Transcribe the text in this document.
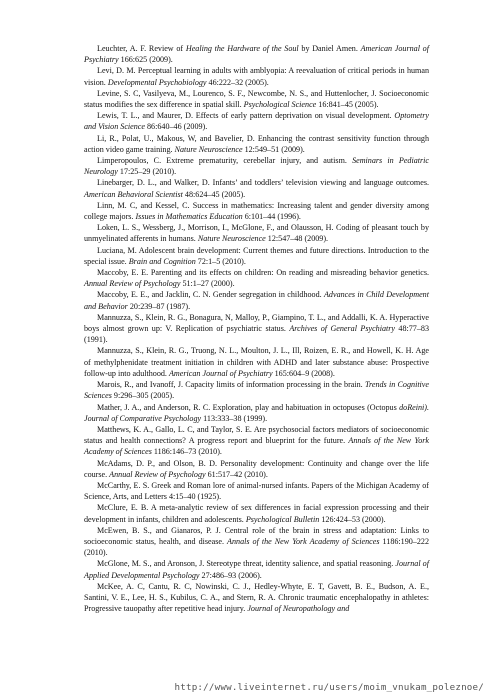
Leuchter, A. F. Review of Healing the Hardware of the Soul by Daniel Amen. American Journal of Psychiatry 166:625 (2009).

Levi, D. M. Perceptual learning in adults with amblyopia: A reevaluation of critical periods in human vision. Developmental Psychobiology 46:222–32 (2005).

Levine, S. C, Vasilyeva, M., Lourenco, S. F., Newcombe, N. S., and Huttenlocher, J. Socioeconomic status modifies the sex difference in spatial skill. Psychological Science 16:841–45 (2005).

Lewis, T. L., and Maurer, D. Effects of early pattern deprivation on visual development. Optometry and Vision Science 86:640–46 (2009).

Li, R., Polat, U., Makous, W, and Bavelier, D. Enhancing the contrast sensitivity function through action video game training. Nature Neuroscience 12:549–51 (2009).

Limperopoulos, C. Extreme prematurity, cerebellar injury, and autism. Seminars in Pediatric Neurology 17:25–29 (2010).

Linebarger, D. L., and Walker, D. Infants’ and toddlers’ television viewing and language outcomes. American Behavioral Scientist 48:624–45 (2005).

Linn, M. C, and Kessel, C. Success in mathematics: Increasing talent and gender diversity among college majors. Issues in Mathematics Education 6:101–44 (1996).

Loken, L. S., Wessberg, J., Morrison, I., McGlone, F., and Olausson, H. Coding of pleasant touch by unmyelinated afferents in humans. Nature Neuroscience 12:547–48 (2009).

Luciana, M. Adolescent brain development: Current themes and future directions. Introduction to the special issue. Brain and Cognition 72:1–5 (2010).

Maccoby, E. E. Parenting and its effects on children: On reading and misreading behavior genetics. Annual Review of Psychology 51:1–27 (2000).

Maccoby, E. E., and Jacklin, C. N. Gender segregation in childhood. Advances in Child Development and Behavior 20:239–87 (1987).

Mannuzza, S., Klein, R. G., Bonagura, N, Malloy, P., Giampino, T. L., and Addalli, K. A. Hyperactive boys almost grown up: V. Replication of psychiatric status. Archives of General Psychiatry 48:77–83 (1991).

Mannuzza, S., Klein, R. G., Truong, N. L., Moulton, J. L., Ill, Roizen, E. R., and Howell, K. H. Age of methylphenidate treatment initiation in children with ADHD and later substance abuse: Prospective follow-up into adulthood. American Journal of Psychiatry 165:604–9 (2008).

Marois, R., and Ivanoff, J. Capacity limits of information processing in the brain. Trends in Cognitive Sciences 9:296–305 (2005).

Mather, J. A., and Anderson, R. C. Exploration, play and habituation in octopuses (Octopus doReini). Journal of Comparative Psychology 113:333–38 (1999).

Matthews, K. A., Gallo, L. C, and Taylor, S. E. Are psychosocial factors mediators of socioeconomic status and health connections? A progress report and blueprint for the future. Annals of the New York Academy of Sciences 1186:146–73 (2010).

McAdams, D. P., and Olson, B. D. Personality development: Continuity and change over the life course. Annual Review of Psychology 61:517–42 (2010).

McCarthy, E. S. Greek and Roman lore of animal-nursed infants. Papers of the Michigan Academy of Science, Arts, and Letters 4:15–40 (1925).

McClure, E. B. A meta-analytic review of sex differences in facial expression processing and their development in infants, children and adolescents. Psychological Bulletin 126:424–53 (2000).

McEwen, B. S., and Gianaros, P. J. Central role of the brain in stress and adaptation: Links to socioeconomic status, health, and disease. Annals of the New York Academy of Sciences 1186:190–222 (2010).

McGlone, M. S., and Aronson, J. Stereotype threat, identity salience, and spatial reasoning. Journal of Applied Developmental Psychology 27:486–93 (2006).

McKee, A. C, Cantu, R. C, Nowinski, C. J., Hedley-Whyte, E. T, Gavett, B. E., Budson, A. E., Santini, V. E., Lee, H. S., Kubilus, C. A., and Stern, R. A. Chronic traumatic encephalopathy in athletes: Progressive tauopathy after repetitive head injury. Journal of Neuropathology and

http://www.liveinternet.ru/users/moim_vnukam_poleznoe/
